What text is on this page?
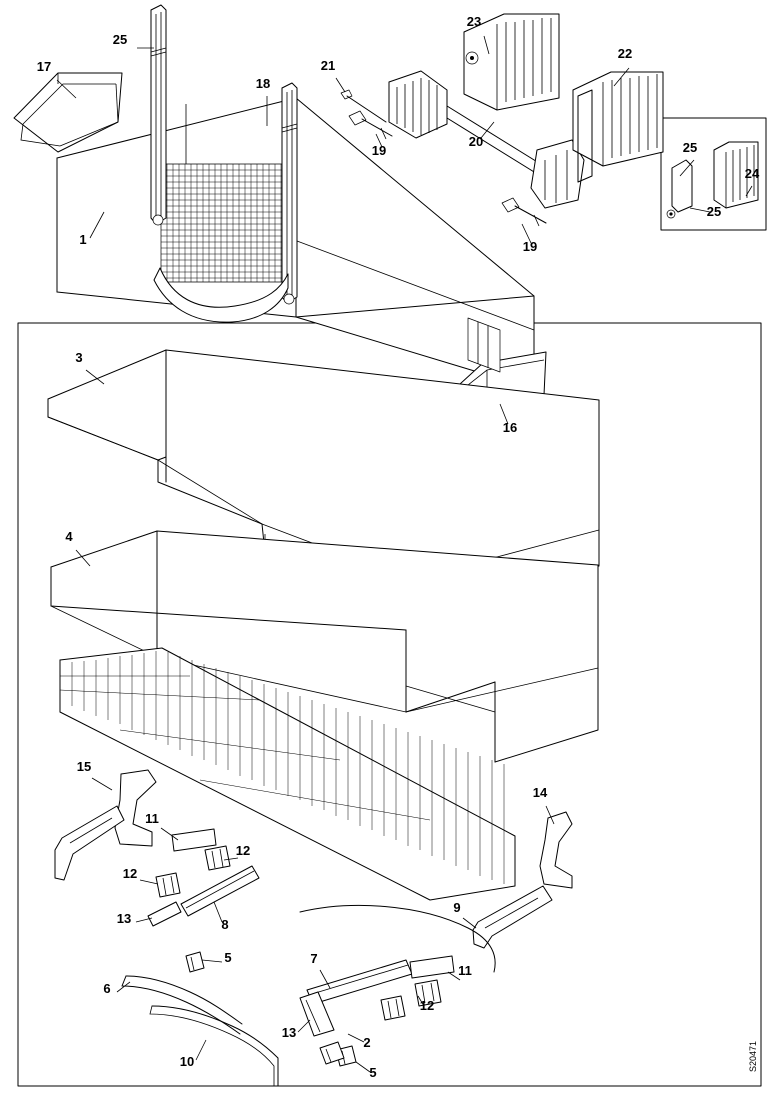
25
17
18
21
23
22
25
24
25
19
20
19
1
3
16
4
15
11
12
12
13	8
14
9
5
6
7
11
12
13
2
10
5
S20471
